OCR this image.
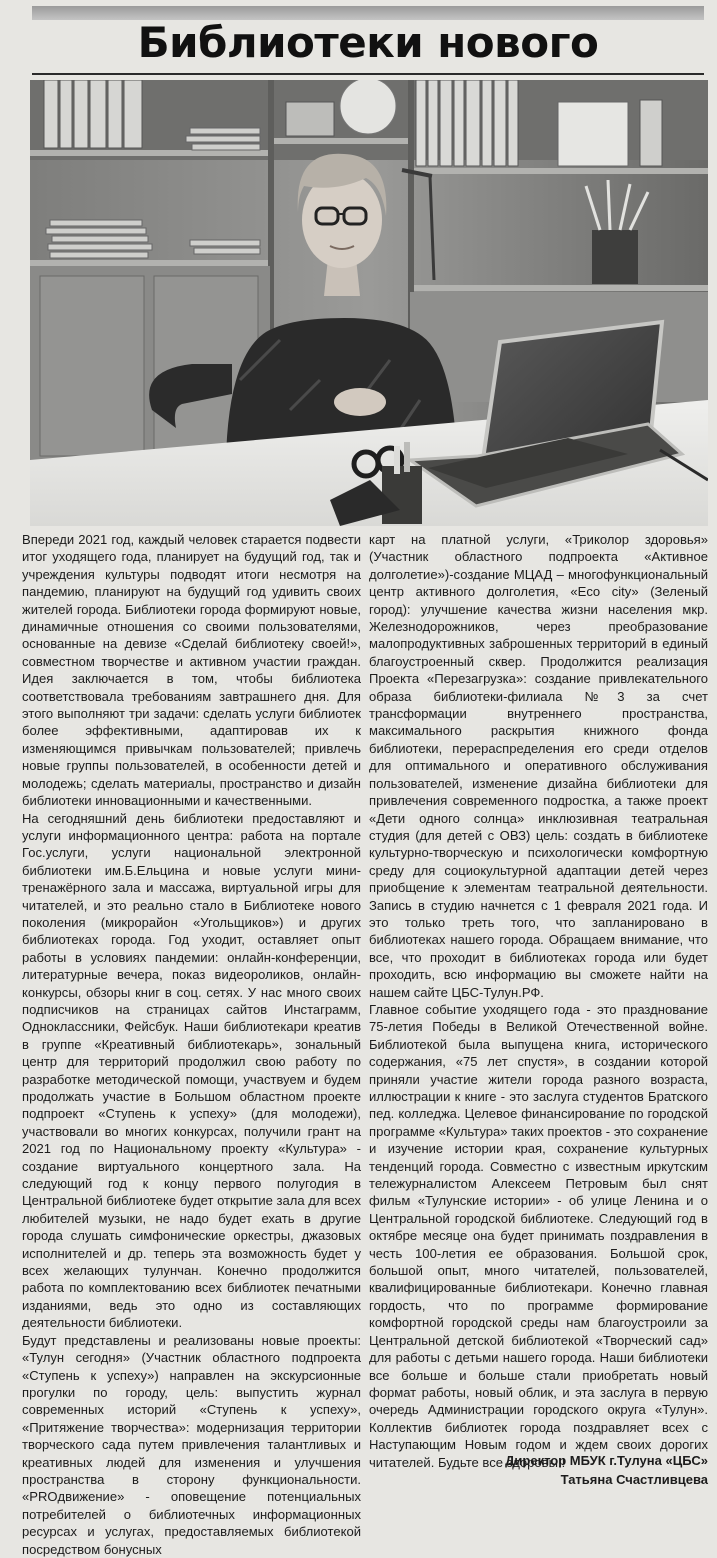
Библиотеки нового

Впереди 2021 год, каждый человек старается подвести итог уходящего года, планирует на будущий год, так и учреждения культуры подводят итоги несмотря на пандемию, планируют на будущий год удивить своих жителей города. Библиотеки города формируют новые, динамичные отношения со своими пользователями, основанные на девизе «Сделай библиотеку своей!», совместном творчестве и активном участии граждан. Идея заключается в том, чтобы библиотека соответствовала требованиям завтрашнего дня. Для этого выполняют три задачи: сделать услуги библиотек более эффективными, адаптировав их к изменяющимся привычкам пользователей; привлечь новые группы пользователей, в особенности детей и молодежь; сделать материалы, пространство и дизайн библиотеки инновационными и качественными.

На сегодняшний день библиотеки предоставляют и услуги информационного центра: работа на портале Гос.услуги, услуги национальной электронной библиотеки им.Б.Ельцина и новые услуги мини-тренажёрного зала и массажа, виртуальной игры для читателей, и это реально стало в Библиотеке нового поколения (микрорайон «Угольщиков») и других библиотеках города. Год уходит, оставляет опыт работы в условиях пандемии: онлайн-конференции, литературные вечера, показ видеороликов, онлайн-конкурсы, обзоры книг в соц. сетях. У нас много своих подписчиков на страницах сайтов Инстаграмм, Одноклассники, Фейсбук. Наши библиотекари креатив в группе «Креативный библиотекарь», зональный центр для территорий продолжил свою работу по разработке методической помощи, участвуем и будем продолжать участие в Большом областном проекте подпроект «Ступень к успеху» (для молодежи), участвовали во многих конкурсах, получили грант на 2021 год по Национальному проекту «Культура» - создание виртуального концертного зала. На следующий год к концу первого полугодия в Центральной библиотеке будет открытие зала для всех любителей музыки, не надо будет ехать в другие города слушать симфонические оркестры, джазовых исполнителей и др. теперь эта возможность будет у всех желающих тулунчан. Конечно продолжится работа по комплектованию всех библиотек печатными изданиями, ведь это одно из составляющих деятельности библиотеки.

Будут представлены и реализованы новые проекты: «Тулун сегодня» (Участник областного подпроекта «Ступень к успеху») направлен на экскурсионные прогулки по городу, цель: выпустить журнал современных историй «Ступень к успеху», «Притяжение творчества»: модернизация территории творческого сада путем привлечения талантливых и креативных людей для изменения и улучшения пространства в сторону функциональности. «PROдвижение» - оповещение потенциальных потребителей о библиотечных информационных ресурсах и услугах, предоставляемых библиотекой посредством бонусных

карт на платной услуги, «Триколор здоровья» (Участник областного подпроекта «Активное долголетие»)-создание МЦАД – многофункциональный центр активного долголетия, «Eco city» (Зеленый город): улучшение качества жизни населения мкр. Железнодорожников, через преобразование малопродуктивных заброшенных территорий в единый благоустроенный сквер. Продолжится реализация Проекта «Перезагрузка»: создание привлекательного образа библиотеки-филиала №3 за счет трансформации внутреннего пространства, максимального раскрытия книжного фонда библиотеки, перераспределения его среди отделов для оптимального и оперативного обслуживания пользователей, изменение дизайна библиотеки для привлечения современного подростка, а также проект «Дети одного солнца» инклюзивная театральная студия (для детей с ОВЗ) цель: создать в библиотеке культурно-творческую и психологически комфортную среду для социокультурной адаптации детей через приобщение к элементам театральной деятельности. Запись в студию начнется с 1 февраля 2021 года. И это только треть того, что запланировано в библиотеках нашего города. Обращаем внимание, что все, что проходит в библиотеках города или будет проходить, всю информацию вы сможете найти на нашем сайте ЦБС-Тулун.РФ.

Главное событие уходящего года - это празднование 75-летия Победы в Великой Отечественной войне. Библиотекой была выпущена книга, исторического содержания, «75 лет спустя», в создании которой приняли участие жители города разного возраста, иллюстрации к книге - это заслуга студентов Братского пед. колледжа. Целевое финансирование по городской программе «Культура» таких проектов - это сохранение и изучение истории края, сохранение культурных тенденций города. Совместно с известным иркутским тележурналистом Алексеем Петровым был снят фильм «Тулунские истории» - об улице Ленина и о Центральной городской библиотеке. Следующий год в октябре месяце она будет принимать поздравления в честь 100-летия ее образования. Большой срок, большой опыт, много читателей, пользователей, квалифицированные библиотекари. Конечно главная гордость, что по программе формирование комфортной городской среды нам благоустроили за Центральной детской библиотекой «Творческий сад» для работы с детьми нашего города. Наши библиотеки все больше и больше стали приобретать новый формат работы, новый облик, и эта заслуга в первую очередь Администрации городского округа «Тулун». Коллектив библиотек города поздравляет всех с Наступающим Новым годом и ждем своих дорогих читателей. Будьте все здоровы!!

Директор МБУК г.Тулуна «ЦБС»
Татьяна Счастливцева
